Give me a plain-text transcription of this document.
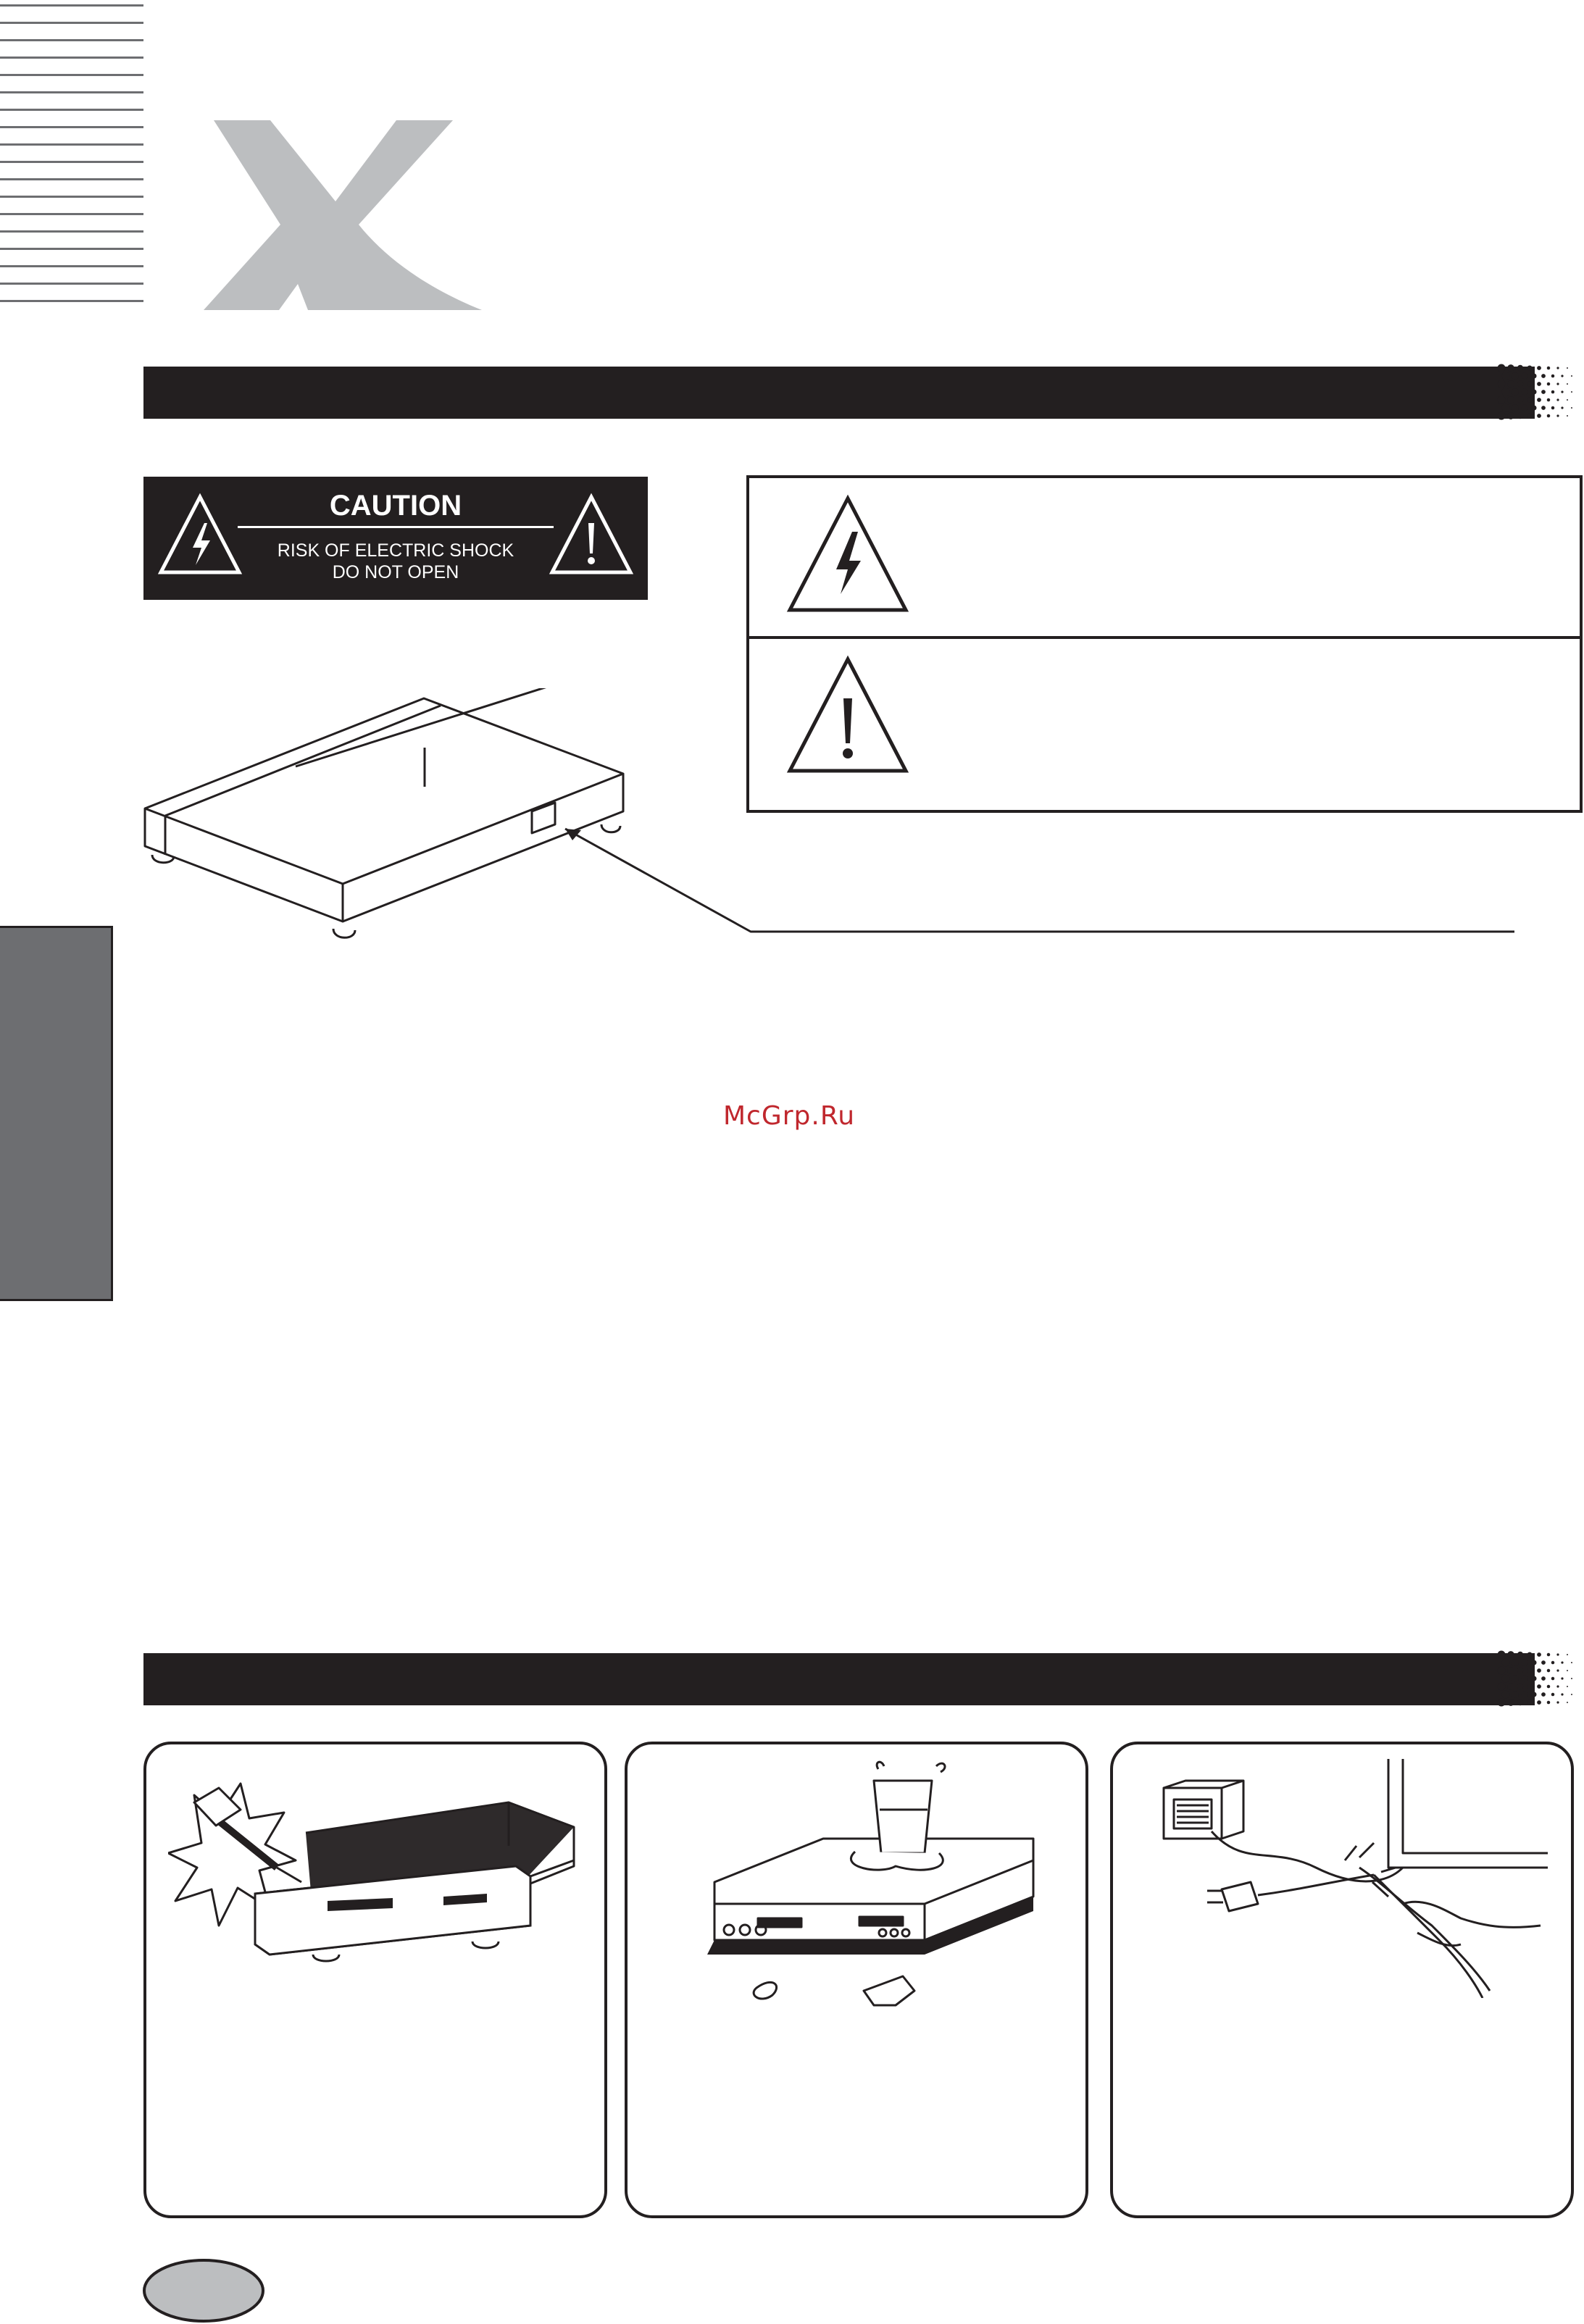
CAUTION
RISK OF ELECTRIC SHOCK
DO NOT OPEN
McGrp.Ru
